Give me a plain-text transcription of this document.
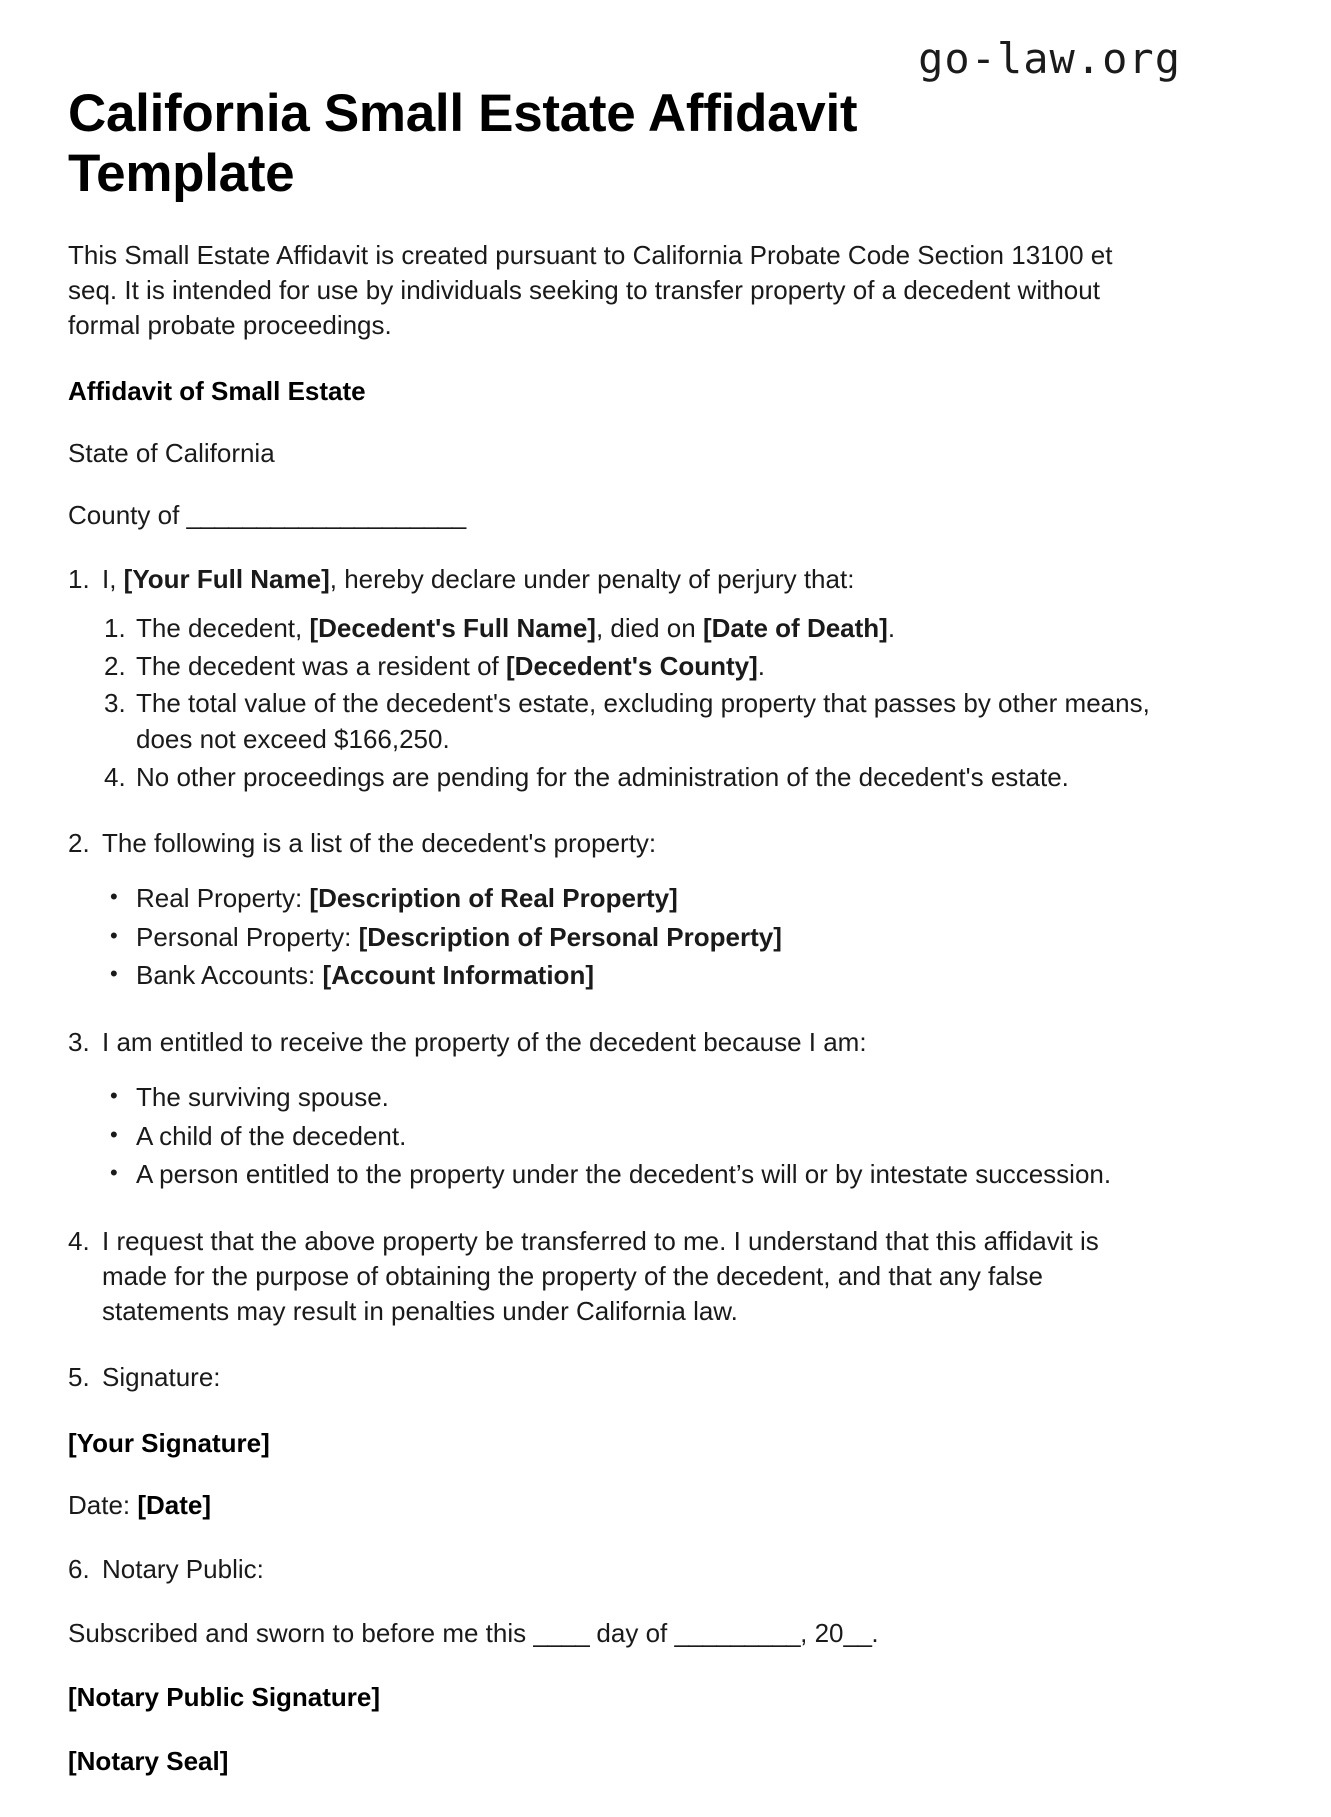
go-law.org
California Small Estate Affidavit Template

This Small Estate Affidavit is created pursuant to California Probate Code Section 13100 et seq. It is intended for use by individuals seeking to transfer property of a decedent without formal probate proceedings.

Affidavit of Small Estate

State of California

County of ____________________

1. I, [Your Full Name], hereby declare under penalty of perjury that:
1. The decedent, [Decedent's Full Name], died on [Date of Death].
2. The decedent was a resident of [Decedent's County].
3. The total value of the decedent's estate, excluding property that passes by other means, does not exceed $166,250.
4. No other proceedings are pending for the administration of the decedent's estate.
2. The following is a list of the decedent's property:
• Real Property: [Description of Real Property]
• Personal Property: [Description of Personal Property]
• Bank Accounts: [Account Information]
3. I am entitled to receive the property of the decedent because I am:
• The surviving spouse.
• A child of the decedent.
• A person entitled to the property under the decedent’s will or by intestate succession.
4. I request that the above property be transferred to me. I understand that this affidavit is made for the purpose of obtaining the property of the decedent, and that any false statements may result in penalties under California law.
5. Signature:

[Your Signature]

Date: [Date]

6. Notary Public:

Subscribed and sworn to before me this ____ day of _________, 20__.

[Notary Public Signature]

[Notary Seal]
